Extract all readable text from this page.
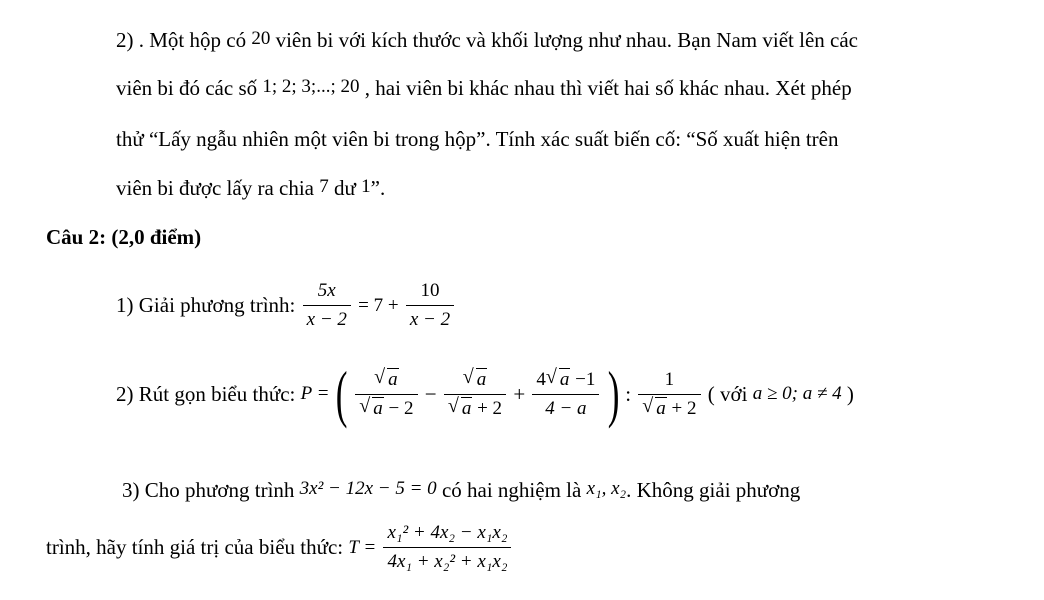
2) . Một hộp có 20 viên bi với kích thước và khối lượng như nhau. Bạn Nam viết lên các
viên bi đó các số 1; 2; 3;...; 20 , hai viên bi khác nhau thì viết hai số khác nhau. Xét phép
thử “Lấy ngẫu nhiên một viên bi trong hộp”. Tính xác suất biến cố: “Số xuất hiện trên
viên bi được lấy ra chia 7 dư 1”.
Câu 2: (2,0 điểm)
1) Giải phương trình: $\frac{5x}{x - 2} = 7 + \frac{10}{x - 2}$
2) Rút gọn biểu thức: P = ( $\frac{√ a}{√ a - 2} - \frac{√ a}{√ a + 2} + \frac{4 √ a -1}{4 - a}$ ) : $\frac{1}{√ a + 2}$ ( với a ≥ 0; a ≠ 4 )
3) Cho phương trình 3x² − 12x − 5 = 0 có hai nghiệm là x₁, x₂. Không giải phương
trình, hãy tính giá trị của biểu thức: $T = \frac{\text{x₁² + 4x₂ − x₁x₂}}{\text{4x₁ + x₂² + x₁x₂}}$
